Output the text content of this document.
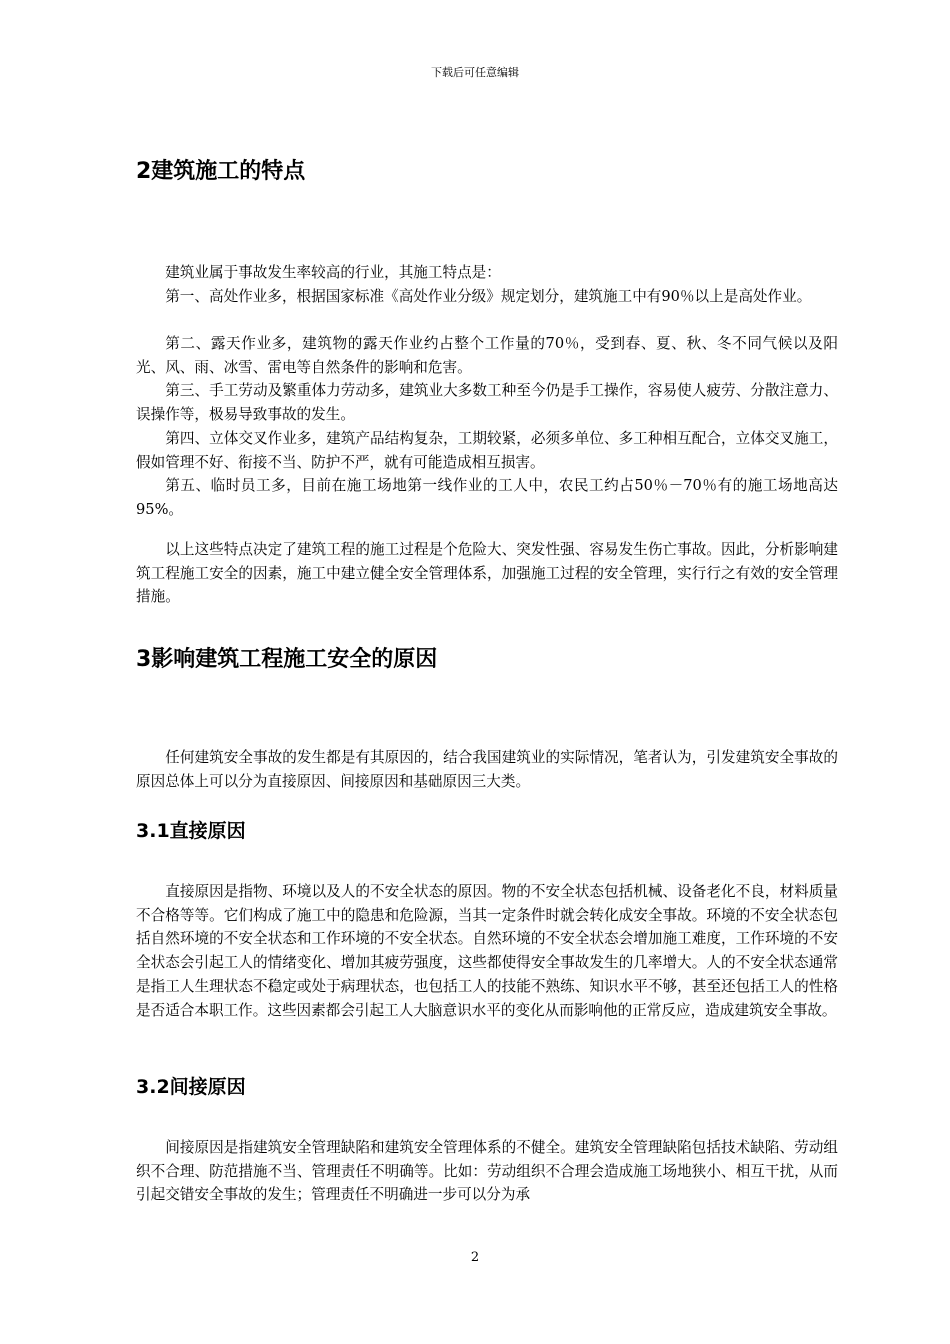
下载后可任意编辑
2建筑施工的特点

建筑业属于事故发生率较高的行业，其施工特点是：

第一、高处作业多，根据国家标准《高处作业分级》规定划分，建筑施工中有90％以上是高处作业。

第二、露天作业多，建筑物的露天作业约占整个工作量的70％，受到春、夏、秋、冬不同气候以及阳光、风、雨、冰雪、雷电等自然条件的影响和危害。

第三、手工劳动及繁重体力劳动多，建筑业大多数工种至今仍是手工操作，容易使人疲劳、分散注意力、误操作等，极易导致事故的发生。

第四、立体交叉作业多，建筑产品结构复杂，工期较紧，必须多单位、多工种相互配合，立体交叉施工，假如管理不好、衔接不当、防护不严，就有可能造成相互损害。

第五、临时员工多，目前在施工场地第一线作业的工人中，农民工约占50％－70％有的施工场地高达95%。

以上这些特点决定了建筑工程的施工过程是个危险大、突发性强、容易发生伤亡事故。因此，分析影响建筑工程施工安全的因素，施工中建立健全安全管理体系，加强施工过程的安全管理，实行行之有效的安全管理措施。

3影响建筑工程施工安全的原因

任何建筑安全事故的发生都是有其原因的，结合我国建筑业的实际情况，笔者认为，引发建筑安全事故的原因总体上可以分为直接原因、间接原因和基础原因三大类。

3.1直接原因

直接原因是指物、环境以及人的不安全状态的原因。物的不安全状态包括机械、设备老化不良，材料质量不合格等等。它们构成了施工中的隐患和危险源，当其一定条件时就会转化成安全事故。环境的不安全状态包括自然环境的不安全状态和工作环境的不安全状态。自然环境的不安全状态会增加施工难度，工作环境的不安全状态会引起工人的情绪变化、增加其疲劳强度，这些都使得安全事故发生的几率增大。人的不安全状态通常是指工人生理状态不稳定或处于病理状态，也包括工人的技能不熟练、知识水平不够，甚至还包括工人的性格是否适合本职工作。这些因素都会引起工人大脑意识水平的变化从而影响他的正常反应，造成建筑安全事故。

3.2间接原因

间接原因是指建筑安全管理缺陷和建筑安全管理体系的不健全。建筑安全管理缺陷包括技术缺陷、劳动组织不合理、防范措施不当、管理责任不明确等。比如：劳动组织不合理会造成施工场地狭小、相互干扰，从而引起交错安全事故的发生；管理责任不明确进一步可以分为承

2
